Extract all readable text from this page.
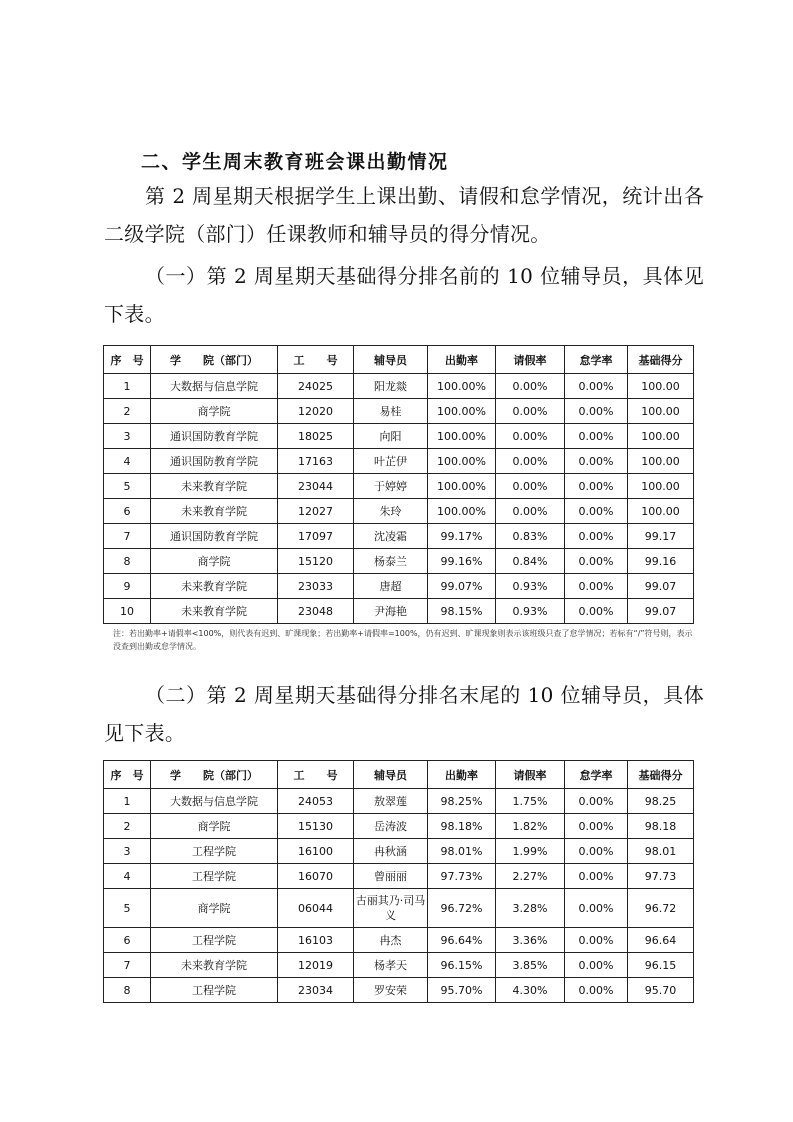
二、学生周末教育班会课出勤情况
第 2 周星期天根据学生上课出勤、请假和怠学情况，统计出各二级学院（部门）任课教师和辅导员的得分情况。
（一）第 2 周星期天基础得分排名前的 10 位辅导员，具体见下表。
序　号	学　　院（部门）	工　　号	辅导员	出勤率	请假率	怠学率	基础得分
1	大数据与信息学院	24025	阳龙燚	100.00%	0.00%	0.00%	100.00
2	商学院	12020	易桂	100.00%	0.00%	0.00%	100.00
3	通识国防教育学院	18025	向阳	100.00%	0.00%	0.00%	100.00
4	通识国防教育学院	17163	叶芷伊	100.00%	0.00%	0.00%	100.00
5	未来教育学院	23044	于婷婷	100.00%	0.00%	0.00%	100.00
6	未来教育学院	12027	朱玲	100.00%	0.00%	0.00%	100.00
7	通识国防教育学院	17097	沈凌霜	99.17%	0.83%	0.00%	99.17
8	商学院	15120	杨泰兰	99.16%	0.84%	0.00%	99.16
9	未来教育学院	23033	唐超	99.07%	0.93%	0.00%	99.07
10	未来教育学院	23048	尹海艳	98.15%	0.93%	0.00%	99.07
注：若出勤率+请假率<100%，则代表有迟到、旷课现象；若出勤率+请假率=100%，仍有迟到、旷课现象则表示该班级只查了怠学情况；若标有“/”符号则，表示没查到出勤或怠学情况。
（二）第 2 周星期天基础得分排名末尾的 10 位辅导员，具体见下表。
序　号	学　　院（部门）	工　　号	辅导员	出勤率	请假率	怠学率	基础得分
1	大数据与信息学院	24053	敖翠莲	98.25%	1.75%	0.00%	98.25
2	商学院	15130	岳涛波	98.18%	1.82%	0.00%	98.18
3	工程学院	16100	冉秋涵	98.01%	1.99%	0.00%	98.01
4	工程学院	16070	曾丽丽	97.73%	2.27%	0.00%	97.73
5	商学院	06044	古丽其乃·司马义	96.72%	3.28%	0.00%	96.72
6	工程学院	16103	冉杰	96.64%	3.36%	0.00%	96.64
7	未来教育学院	12019	杨孝天	96.15%	3.85%	0.00%	96.15
8	工程学院	23034	罗安荣	95.70%	4.30%	0.00%	95.70
